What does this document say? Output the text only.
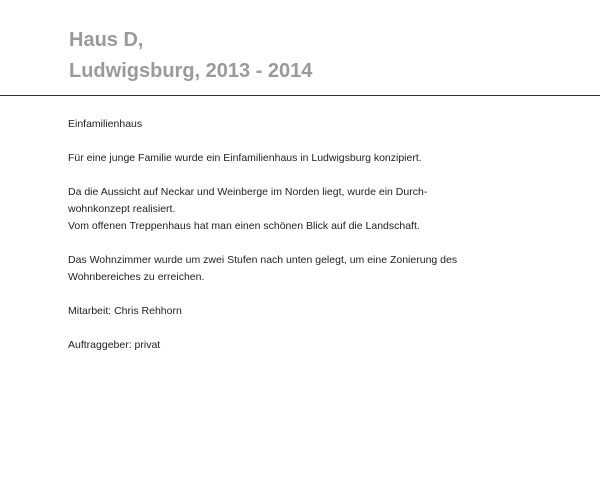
Haus D,
Ludwigsburg, 2013 - 2014

Einfamilienhaus

Für eine junge Familie wurde ein Einfamilienhaus in Ludwigsburg konzipiert.

Da die Aussicht auf Neckar und Weinberge im Norden liegt, wurde ein Durch-
wohnkonzept realisiert.
Vom offenen Treppenhaus hat man einen schönen Blick auf die Landschaft.

Das Wohnzimmer wurde um zwei Stufen nach unten gelegt, um eine Zonierung des
Wohnbereiches zu erreichen.

Mitarbeit: Chris Rehhorn

Auftraggeber: privat
